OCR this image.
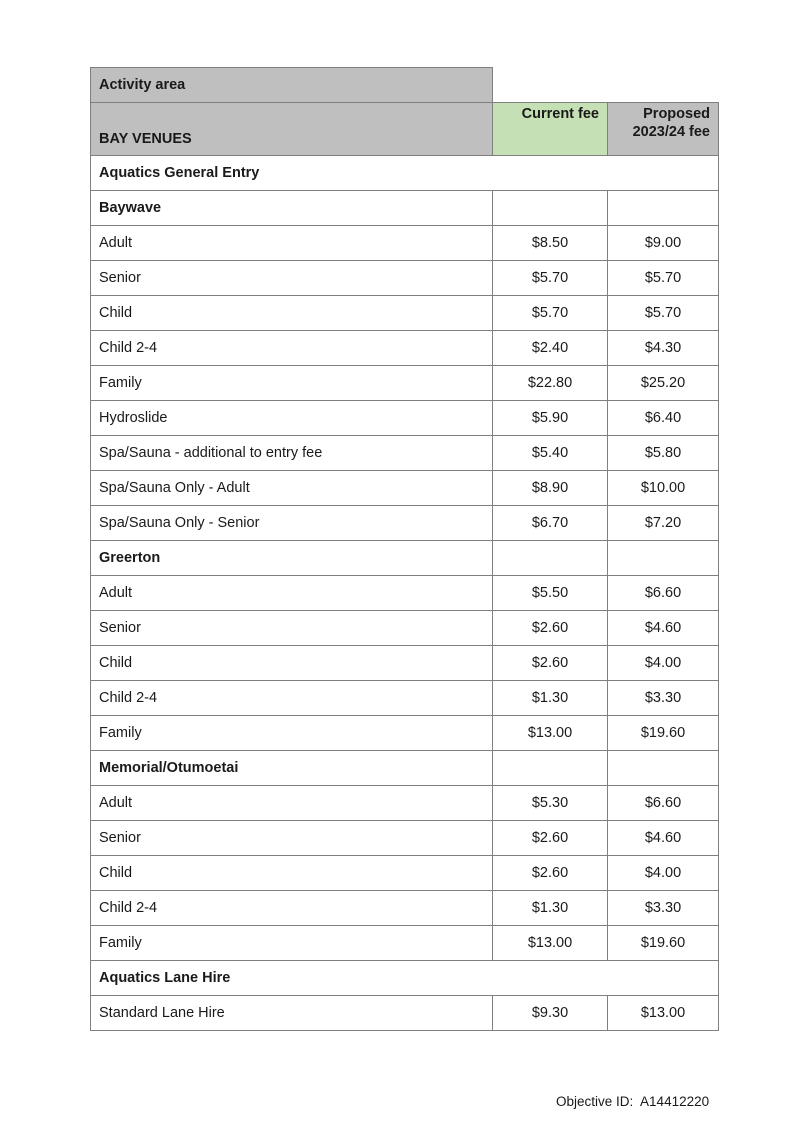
Activity area		
BAY VENUES	Current fee	Proposed 2023/24 fee
Aquatics General Entry		
Baywave		
Adult	$8.50	$9.00
Senior	$5.70	$5.70
Child	$5.70	$5.70
Child 2-4	$2.40	$4.30
Family	$22.80	$25.20
Hydroslide	$5.90	$6.40
Spa/Sauna - additional to entry fee	$5.40	$5.80
Spa/Sauna Only - Adult	$8.90	$10.00
Spa/Sauna Only - Senior	$6.70	$7.20
Greerton		
Adult	$5.50	$6.60
Senior	$2.60	$4.60
Child	$2.60	$4.00
Child 2-4	$1.30	$3.30
Family	$13.00	$19.60
Memorial/Otumoetai		
Adult	$5.30	$6.60
Senior	$2.60	$4.60
Child	$2.60	$4.00
Child 2-4	$1.30	$3.30
Family	$13.00	$19.60
Aquatics Lane Hire		
Standard Lane Hire	$9.30	$13.00
Objective ID: A14412220
